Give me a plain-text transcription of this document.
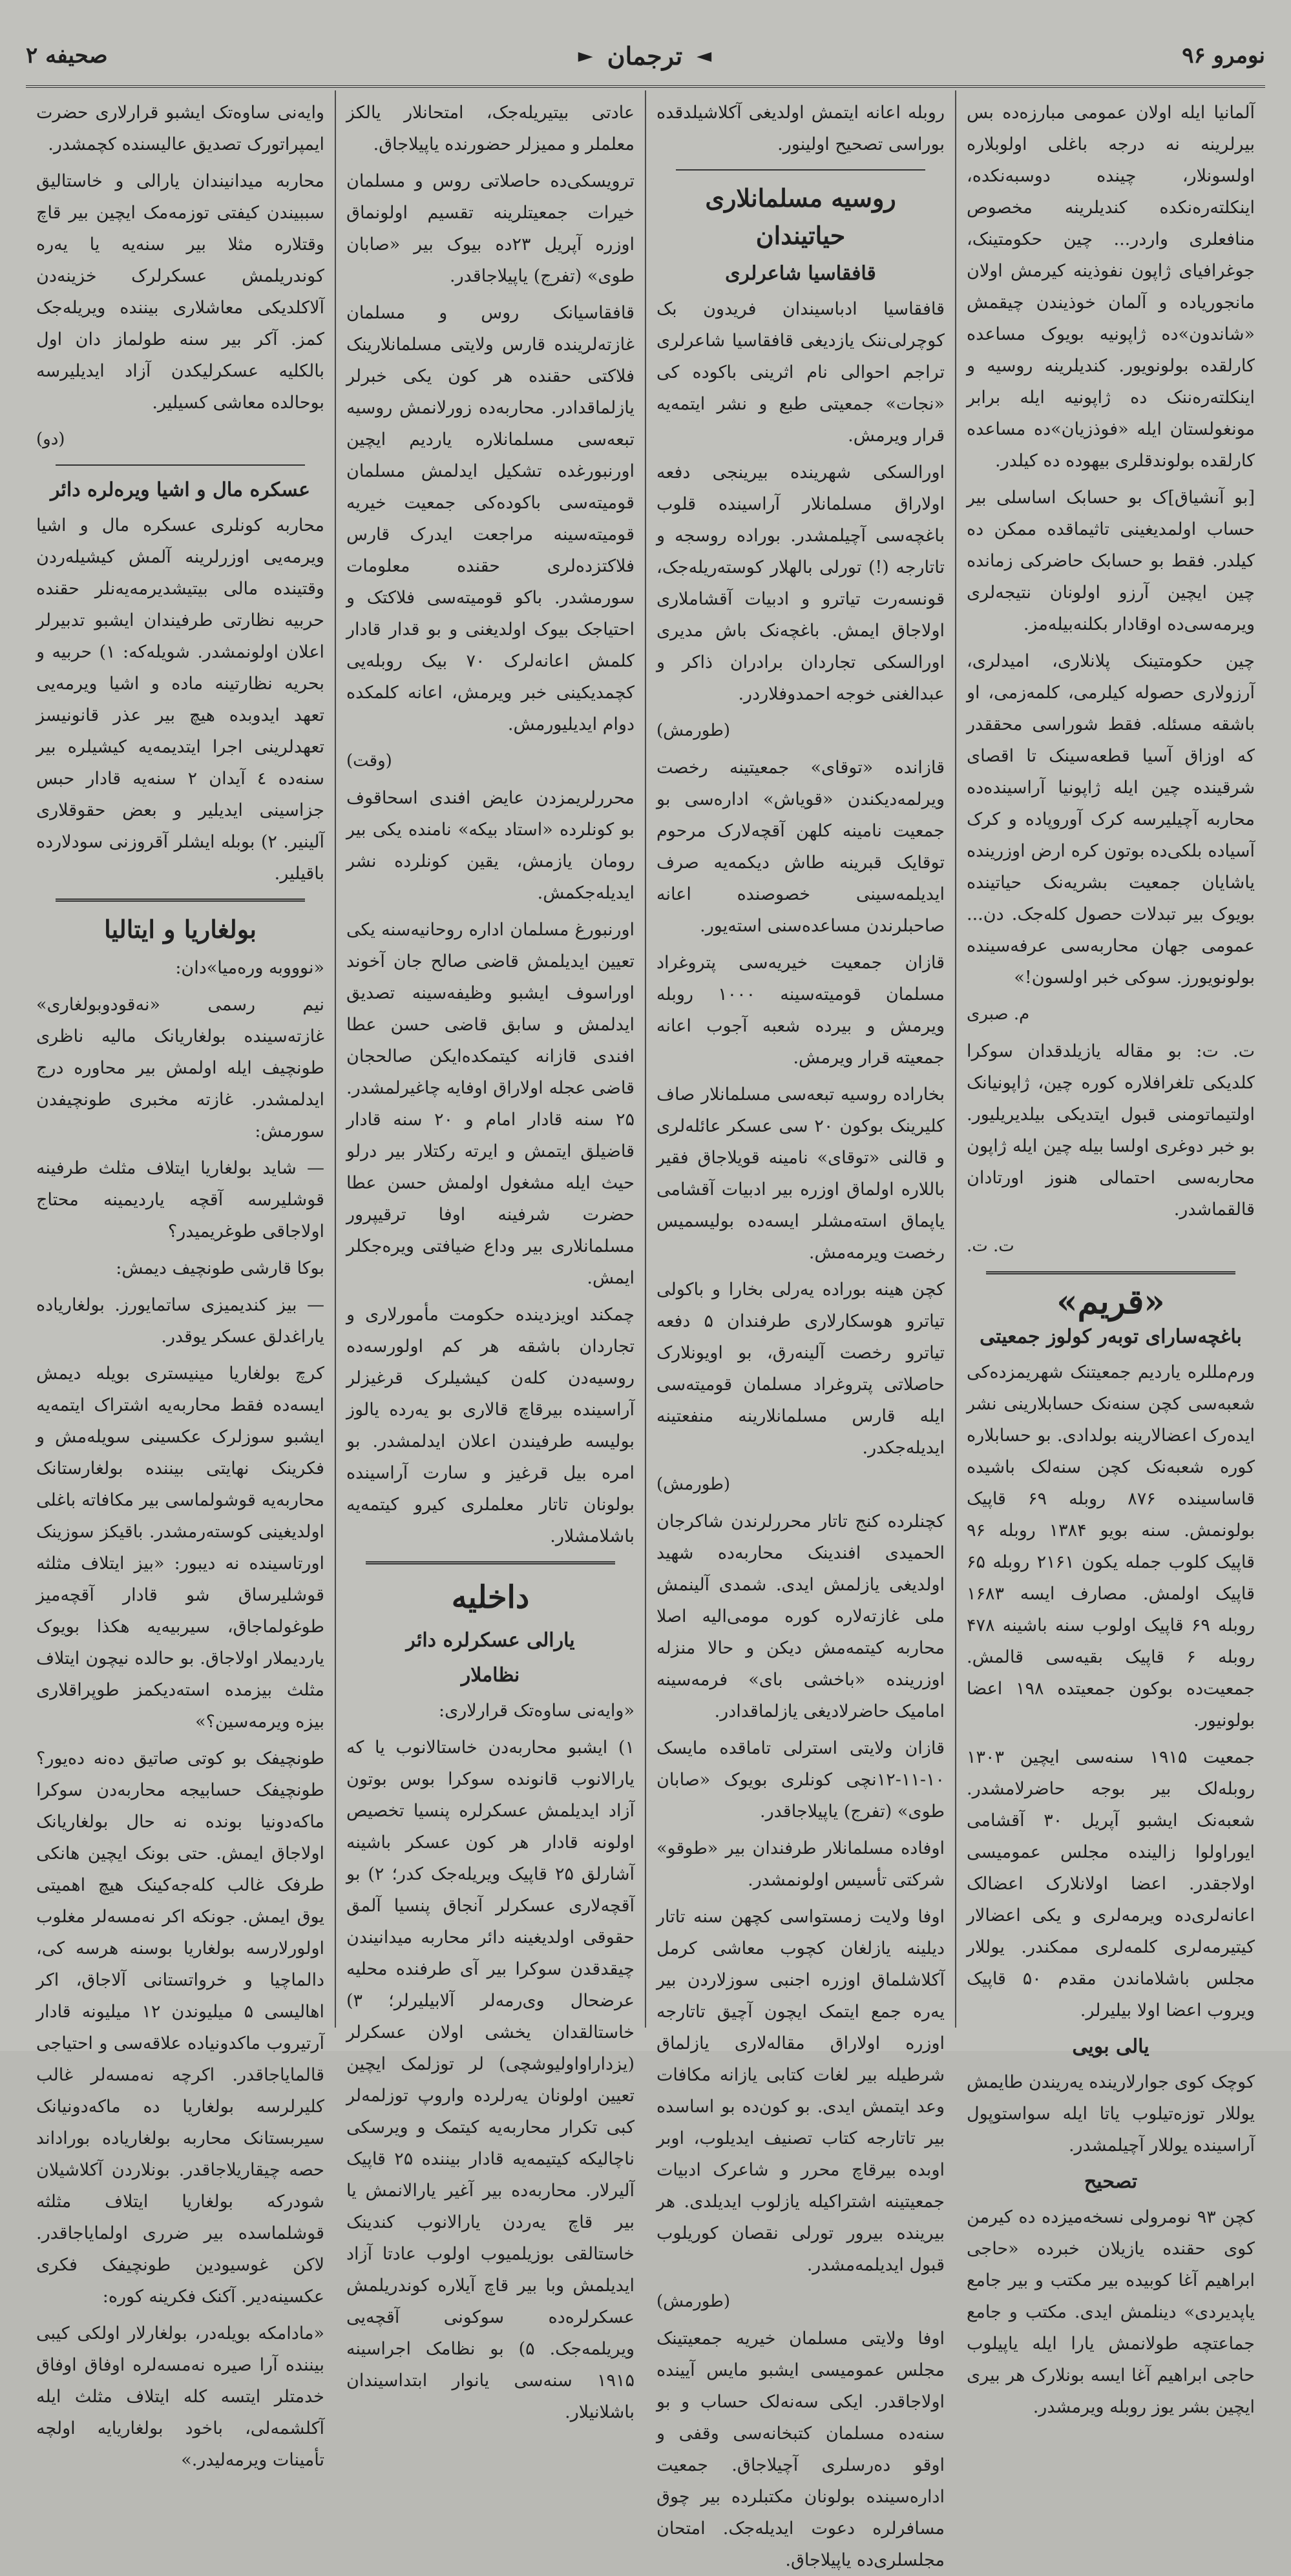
صحیفه ۲	► ترجمان ◄	نومرو ۹۶

آلمانیا ایله اولان عمومی مبارزه‌ده بس بیر‌لرینه نه درجه باغلی اولوبلاره اولسونلار، چینده دوسبه‌نکده، اینکلته‌ره‌نکده کندیلرینه مخصوص منافعلری واردر... چین حکومتینک، جوغرافیای ژاپون نفوذینه کیرمش اولان مانجوریاده و آلمان خوذیندن چیقمش «شاندون»ده ژاپونیه بویوک مساعده کارلقده بولونویور. کندیلرینه روسیه و اینکلته‌ره‌ننک ده ژاپونیه ایله برابر مونغولستان ایله «فوذزیان»ده مساعده کارلقده بولوندقلری بیهوده ده کیلدر.

[بو آنشیاق]ک بو حسابک اساسلی بیر حساب اولمدیغینی تاثیماقده ممکن ده کیلدر. فقط بو حسابک حاضرکی زمانده چین ایچین آرزو اولونان نتیجه‌لری ویرمه‌سی‌ده اوقادار بکلنه‌بیله‌مز.

چین حکومتینک پلانلاری، امیدلری، آرزولاری حصوله کیلرمی، کلمه‌زمی، او باشقه مسئله. فقط شوراسی محققدر که اوزاق آسیا قطعه‌سینک تا اقصای شرقینده چین ایله ژاپونیا آراسینده‌ده محاربه آچیلیرسه کرک آوروپاده و کرک آسیاده بلکی‌ده بوتون کره ارض اوزرینده یاشایان جمعیت بشریه‌نک حیاتینده بویوک بیر تبدلات حصول کله‌جک. دن... عمومی جهان محاربه‌سی عرفه‌سینده بولونویورز. سوکی خبر اولسون!»

م. صبری

ت. ت: بو مقاله یازیلدقدان سوکرا کلدیکی تلغرافلاره کوره چین، ژاپونیانک اولتیماتومنی قبول ایتدیکی بیلدیریلیور. بو خبر دوغری اولسا بیله چین ایله ژاپون محاربه‌سی احتمالی هنوز اورتادان قالقماشدر.

ت. ت.

«قریم»
باغچه‌سارای توبه‌ر کولوز جمعیتی

ورم‌مللره یاردیم جمعیتنک شهریمزده‌کی شعبه‌سی کچن سنه‌نک حسابلارینی نشر ایده‌رک اعضالارینه بولدادی. بو حسابلاره کوره شعبه‌نک کچن سنه‌لک باشیده قاساسینده ۸۷۶ روبله ۶۹ قاپیک بولونمش. سنه بویو ۱۳۸۴ روبله ۹۶ قاپیک کلوب جمله یکون ۲۱۶۱ روبله ۶۵ قاپیک اولمش. مصارف ایسه ۱۶۸۳ روبله ۶۹ قاپیک اولوب سنه باشینه ۴۷۸ روبله ۶ قاپیک بقیه‌سی قالمش. جمعیت‌ده بوکون جمعیتده ۱۹۸ اعضا بولونیور.

جمعیت ۱۹۱۵ سنه‌سی ایچین ۱۳۰۳ روبله‌لک بیر بوجه حاضرلامشدر. شعبه‌نک ایشبو آپریل ۳۰ آقشامی ایوراولوا زالینده مجلس عمومیسی اولاجقدر. اعضا اولانلارک اعضالک اعانه‌لری‌ده ویرمه‌لری و یکی اعضالار کیتیرمه‌لری کلمه‌لری ممکندر. یوللار مجلس باشلاماندن مقدم ۵۰ قاپیک ویروب اعضا اولا بیلیرلر.

یالی بویی

کوچک کوی جوارلارینده یه‌ریندن طایمش یوللار توزه‌تیلوب یاتا ایله سواستوپول آراسینده یوللار آچیلمشدر.

تصحیح

کچن ۹۳ نومرولی نسخه‌میزده ده کیرمن کوی حقنده یازیلان خبرده «حاجی ابراهیم آغا کوبیده بیر مکتب و بیر جامع یاپدیردی» دینلمش ایدی. مکتب و جامع جماعتچه طولانمش یارا ایله یاپیلوب حاجی ابراهیم آغا ایسه بونلارک هر بیری ایچین بشر یوز روبله ویرمشدر.

روبله اعانه ایتمش اولدیغی آکلاشیلدقده بوراسی تصحیح اولینور.

روسیه مسلمانلاری حیاتیندان
قافقاسیا شاعرلری

قافقاسیا ادباسیندان فریدون بک کوچرلی‌ننک یازدیغی قافقاسیا شاعرلری تراجم احوالی نام اثرینی باکوده کی «نجات» جمعیتی طبع و نشر ایتمه‌یه قرار ویرمش.

اورالسکی شهرینده بیرینجی دفعه اولاراق مسلمانلار آراسینده قلوب باغچه‌سی آچیلمشدر. بوراده روسجه و تاتارجه (!) تورلی بالهلار کوسته‌ریله‌جک، قونسه‌رت تیاترو و ادبیات آقشاملاری اولاجاق ایمش. باغچه‌نک باش مدیری اورالسکی تجاردان برادران ذاکر و عبدالغنی خوجه احمدوفلاردر.

(طورمش)

قازانده «توقای» جمعیتینه رخصت ویرلمه‌دیکندن «قویاش» اداره‌سی بو جمعیت نامینه کلهن آقچه‌لارک مرحوم توقایک قبرینه طاش دیکمه‌یه صرف ایدیلمه‌سینی خصوصنده اعانه صاحبلرندن مساعده‌سنی استه‌یور.

قازان جمعیت خیریه‌سی پتروغراد مسلمان قومیته‌سینه ۱۰۰۰ روبله ویرمش و بیرده شعبه آجوب اعانه جمعیته قرار ویرمش.

بخاراده روسیه تبعه‌سی مسلمانلار صاف کلیرینک بوکون ۲۰ سی عسکر عائله‌لری و قالنی «توقای» نامینه قویلاجاق فقیر باللاره اولماق اوزره بیر ادبیات آقشامی یاپماق استه‌مشلر ایسه‌ده بولیسمیس رخصت ویرمه‌مش.

کچن هینه بوراده یه‌رلی بخارا و باکولی تیاترو هوسکارلاری طرفندان ۵ دفعه تیاترو رخصت آلینه‌رق، بو اویونلارک حاصلاتی پتروغراد مسلمان قومیته‌سی ایله قارس مسلمانلارینه منفعتینه ایدیله‌جکدر.

(طورمش)

کچنلرده کنج تاتار محررلرندن شاکرجان الحمیدی افندینک محاربه‌ده شهید اولدیغی یازلمش ایدی. شمدی آلینمش ملی غازته‌لاره کوره مومی‌الیه اصلا محاربه کیتمه‌مش دیکن و حالا منزله اوزرینده «باخشی بای» فرمه‌سینه امامیک حاضرلادیغی یازلماقدادر.

قازان ولایتی استرلی تاماقده مایسک ۱۰-۱۱-۱۲نچی کونلری بویوک «صابان طوی» (تفرج) یاپیلاجاقدر.

اوفاده مسلمانلار طرفندان بیر «طوقو» شرکتی تأسیس اولونمشدر.

اوفا ولایت زمستواسی کچهن سنه تاتار دیلینه یازلغان کچوب معاشی کرمل آکلاشلماق اوزره اجنبی سوزلاردن بیر یه‌ره جمع ایتمک ایچون آچیق تاتارجه اوزره اولاراق مقاله‌لاری یازلماق شرطیله بیر لغات کتابی یازانه مکافات وعد ایتمش ایدی. بو کون‌ده بو اساسده بیر تاتارجه کتاب تصنیف ایدیلوب، اوبر اوبده بیرقاچ محرر و شاعرک ادبیات جمعیتینه اشتراکیله یازلوب ایدیلدی. هر بیرینده بیرور تورلی نقصان کوریلوب قبول ایدیلمه‌مشدر.

(طورمش)

اوفا ولایتی مسلمان خیریه جمعیتینک مجلس عمومیسی ایشبو مایس آیینده اولاجاقدر. ایکی سه‌نه‌لک حساب و بو سنه‌ده مسلمان کتبخانه‌سی وقفی و اوقو ده‌رسلری آچیلاجاق. جمعیت اداره‌سینده بولونان مکتبلرده بیر چوق مسافرلره دعوت ایدیله‌جک. امتحان مجلسلری‌ده یاپیلاجاق.

عادتی بیتیریله‌جک، امتحانلار یالکز معلملر و ممیزلر حضورنده یاپیلاجاق.

ترویسکی‌ده حاصلاتی روس و مسلمان خیرات جمعیتلرینه تقسیم اولونماق اوزره آپریل ۲۳ده بیوک بیر «صابان طوی» (تفرج) یاپیلاجاقدر.

قافقاسیانک روس و مسلمان غازته‌لرینده قارس ولایتی مسلمانلارینک فلاکتی حقنده هر کون یکی خبرلر یازلماقدادر. محاربه‌ده زورلانمش روسیه تبعه‌سی مسلمانلاره یاردیم ایچین اورنبورغده تشکیل ایدلمش مسلمان قومیته‌سی باکوده‌کی جمعیت خیریه قومیته‌سینه مراجعت ایدرک قارس فلاکتزده‌لری حقنده معلومات سورمشدر. باکو قومیته‌سی فلاکتک و احتیاجک بیوک اولدیغنی و بو قدار قادار کلمش اعانه‌لرک ۷۰ بیک روبله‌یی کچمدیکینی خبر ویرمش، اعانه کلمکده دوام ایدیلیورمش.

(وقت)

محررلریمزدن عایض افندی اسحاقوف بو کونلرده «استاد بیکه» نامنده یکی بیر رومان یازمش، یقین کونلرده نشر ایدیله‌جکمش.

اورنبورغ مسلمان اداره روحانیه‌سنه یکی تعیین ایدیلمش قاضی صالح جان آخوند اوراسوف ایشبو وظیفه‌سینه تصدیق ایدلمش و سابق قاضی حسن عطا افندی قازانه کیتمکده‌ایکن صالحجان قاضی عجله اولاراق اوفایه چاغیرلمشدر. ۲۵ سنه قادار امام و ۲۰ سنه قادار قاضیلق ایتمش و ایرته رکتلار بیر درلو حیث ایله مشغول اولمش حسن عطا حضرت شرفینه اوفا ترقیپرور مسلمانلاری بیر وداع ضیافتی ویره‌جکلر ایمش.

چمکند اویزدینده حکومت مأمورلاری و تجاردان باشقه هر کم اولورسه‌ده روسیه‌دن کله‌ن کیشیلرک قرغیزلر آراسینده بیرقاچ قالاری بو یه‌رده یالوز بولیسه طرفیندن اعلان ایدلمشدر. بو امره بیل قرغیز و سارت آراسینده بولونان تاتار معلملری کیرو کیتمه‌یه باشلامشلار.

داخلیه
یارالی عسکرلره دائر
نظاملار

«وایه‌نی ساوه‌تک قرارلاری:

۱) ایشبو محاربه‌دن خاستالانوب یا که یارالانوب قانونده سوکرا بوس بوتون آزاد ایدیلمش عسکرلره پنسیا تخصیص اولونه قادار هر کون عسکر باشینه آشارلق ۲۵ قاپیک ویریله‌جک کدر؛ ۲) بو آقچه‌لاری عسکرلر آنجاق پنسیا آلمق حقوقی اولدیغینه دائر محاربه میدانیندن چیقدقدن سوکرا بیر آی طرفنده محلیه عرضحال وی‌رمه‌لر آلابیلیرلر؛ ۳) خاستالقدان یخشی اولان عسکرلر (یزداراواولیوشچی) لر توزلمک ایچین تعیین اولونان یه‌رلرده واروپ توزلمه‌لر کبی تکرار محاربه‌یه کیتمک و ویرسکی ناچالیکه کیتیمه‌یه قادار بیننده ۲۵ قاپیک آلیرلار. محاربه‌ده بیر آغیر یارالانمش یا بیر قاچ یه‌ردن یارالانوب کندینک خاستالقی بوزیلمیوب اولوب عادتا آزاد ایدیلمش وبا بیر قاچ آیلاره کوندریلمش عسکرلره‌ده سوکونی آقچه‌یی ویریلمه‌جک. ۵) بو نظامک اجراسینه ۱۹۱۵ سنه‌سی یانوار ابتداسیندان باشلانیلار.

وایه‌نی ساوه‌تک ایشبو قرارلاری حضرت ایمپراتورک تصدیق عالیسنده کچمشدر.

محاربه میدانیندان یارالی و خاستالیق سببیندن کیفتی توزمه‌مک ایچین بیر قاچ وقتلاره مثلا بیر سنه‌یه یا یه‌ره کوندریلمش عسکرلرک خزینه‌دن آلاکلدیکی معاشلاری بیننده ویریله‌جک کمز. آکر بیر سنه طولماز دان اول بالکلیه عسکرلیکدن آزاد ایدیلیرسه بوحالده معاشی کسیلیر.

(دو)

عسکره مال و اشیا ویره‌لره دائر

محاربه کونلری عسکره مال و اشیا ویرمه‌یی اوزرلرینه آلمش کیشیله‌ردن وقتینده مالی بیتیشدیرمه‌یه‌نلر حقنده حربیه نظارتی طرفیندان ایشبو تدبیرلر اعلان اولونمشدر. شویله‌که: ۱) حربیه و بحریه نظارتینه ماده و اشیا ویرمه‌یی تعهد ایدوبده هیچ بیر عذر قانونیسز تعهدلرینی اجرا ایتدیمه‌یه کیشیلره بیر سنه‌ده ٤ آیدان ۲ سنه‌یه قادار حبس جزاسینی ایدیلیر و بعض حقوقلاری آلینیر. ۲) بوبله ایشلر آقروزنی سودلارده باقیلیر.

بولغاریا و ایتالیا

«نوووبه وره‌میا»دان:

نیم رسمی «نه‌قو‌دو‌بولغاری» غازته‌سینده بولغاریانک مالیه ناظری طونچیف ایله اولمش بیر محاوره درج ایدلمشدر. غازته مخبری طونچیفدن سورمش:

— شاید بولغاریا ایتلاف مثلث طرفینه قوشلیرسه آقچه یاردیمینه محتاج اولاجاقی طوغریمیدر؟

بوکا قارشی طونچیف دیمش:

— بیز کندیمیزی ساتمایورز. بولغاریاده یاراغدلق عسکر یوقدر.

کرچ بولغاریا مینیستری بویله دیمش ایسه‌ده فقط محاربه‌یه اشتراک ایتمه‌یه ایشبو سوزلرک عکسینی سویله‌مش و فکرینک نهایتی بیننده بولغارستانک محاربه‌یه قوشولماسی بیر مکافاته باغلی اولدیغینی کوسته‌رمشدر. باقیکز سوزینک اورتاسینده نه دیبور: «بیز ایتلاف مثلثه قوشلیرساق شو قادار آقچه‌میز طوغولماجاق، سیربیه‌یه هکذا بویوک یاردیملار اولاجاق. بو حالده نیچون ایتلاف مثلث بیزمده استه‌دیکمز طوپراقلاری بیزه ویرمه‌سین؟»

طونچیفک بو کوتی صاتیق ده‌نه ده‌یور؟ طونچیفک حسابیجه محاربه‌دن سوکرا ماکه‌دونیا بونده نه حال بولغاریانک اولاجاق ایمش. حتی بونک ایچین هانکی طرفک غالب کله‌جه‌کینک هیچ اهمیتی یوق ایمش. جونکه اکر نه‌مسه‌لر مغلوب اولورلارسه بولغاریا بوسنه هرسه کی، دالماچیا و خرواتستانی آلاجاق، اکر اهالیسی ۵ میلیوندن ۱۲ میلیونه قادار آرتیروب ما‌کدونیاده علاقه‌سی و احتیاجی قالمایاجاقدر. اکرچه نه‌مسه‌لر غالب کلیرلرسه بولغاریا ده‌ ماکه‌دونیانک سیربستانک محاربه بولغاریاده بوراداند حصه چیقاریلاجاقدر. بونلاردن آکلاشیلان شودرکه بولغاریا ایتلاف مثلثه قوشلماسده بیر ضرری اولمایاجاقدر. لاکن غوسیودین طونچیفک فکری عکسینه‌دیر. آکنک فکرینه کوره:

«مادامکه بویله‌در، بولغارلار اولکی کیبی بیننده آرا صیره نه‌مسه‌لره اوفاق اوفاق خدمتلر ایتسه کله ایتلاف مثلث ایله آکلشمه‌لی، باخود بولغاریایه اولچه تأمینات ویرمه‌لیدر.»
